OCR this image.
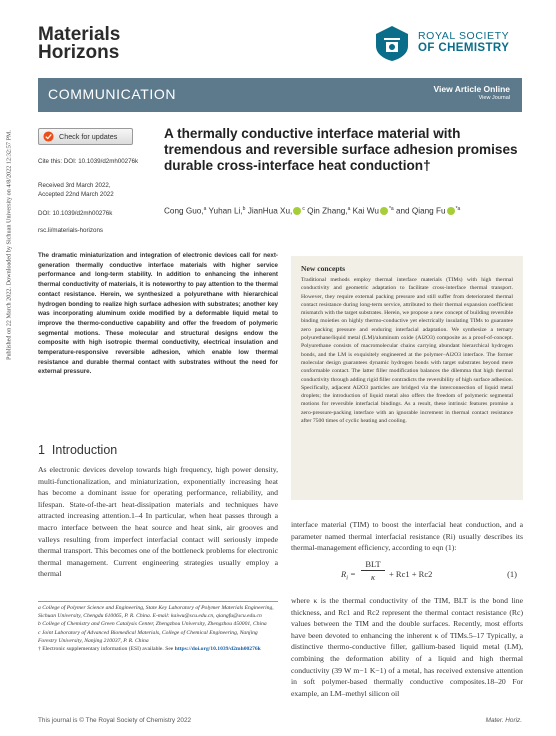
Published on 22 March 2022. Downloaded by Sichuan University on 4/8/2022 12:32:57 PM.
Materials
Horizons
ROYAL SOCIETY
OF CHEMISTRY
COMMUNICATION	View Article Online
View Journal
Check for updates
Cite this: DOI: 10.1039/d2mh00276k
Received 3rd March 2022,
Accepted 22nd March 2022
DOI: 10.1039/d2mh00276k
rsc.li/materials-horizons
A thermally conductive interface material with tremendous and reversible surface adhesion promises durable cross-interface heat conduction†
Cong Guo,$^a$ Yuhan Li,$^b$ JianHua Xu, $^c$ Qin Zhang,$^a$ Kai Wu $^{*a}$ and Qiang Fu $^{*a}$
The dramatic miniaturization and integration of electronic devices call for next-generation thermally conductive interface materials with higher service performance and long-term stability. In addition to enhancing the inherent thermal conductivity of materials, it is noteworthy to pay attention to the thermal contact resistance. Herein, we synthesized a polyurethane with hierarchical hydrogen bonding to realize high surface adhesion with substrates; another key was incorporating aluminum oxide modified by a deformable liquid metal to improve the thermo-conductive capability and offer the freedom of polymeric segmental motions. These molecular and structural designs endow the composite with high isotropic thermal conductivity, electrical insulation and temperature-responsive reversible adhesion, which enable low thermal resistance and durable thermal contact with substrates without the need for external pressure.
New concepts
Traditional methods employ thermal interface materials (TIMs) with high thermal conductivity and geometric adaptation to facilitate cross-interface thermal transport. However, they require external packing pressure and still suffer from deteriorated thermal contact resistance during long-term service, attributed to their thermal expansion coefficient mismatch with the target substrates. Herein, we propose a new concept of building reversible binding moieties on highly thermo-conductive yet electrically insulating TIMs to guarantee zero packing pressure and enduring interfacial adaptation. We synthesize a ternary polyurethane/liquid metal (LM)/aluminum oxide (Al2O3) composite as a proof-of-concept. Polyurethane consists of macromolecular chains carrying abundant hierarchical hydrogen bonds, and the LM is exquisitely engineered at the polymer–Al2O3 interface. The former molecular design guarantees dynamic hydrogen bonds with target substrates beyond mere conformable contact. The latter filler modification balances the dilemma that high thermal conductivity through adding rigid filler contradicts the reversibility of high surface adhesion. Specifically, adjacent Al2O3 particles are bridged via the interconnection of liquid metal droplets; the introduction of liquid metal also offers the freedom of polymeric segmental motions for reversible interfacial bindings. As a result, these intrinsic features promise a zero-pressure-packing interface with an ignorable increment in thermal contact resistance after 7500 times of cyclic heating and cooling.
1 Introduction
As electronic devices develop towards high frequency, high power density, multi-functionalization, and miniaturization, exponentially increasing heat has become a dominant issue for operating performance, reliability, and lifespan. State-of-the-art heat-dissipation materials and techniques have attracted increasing attention.1–4 In particular, when heat passes through a macro interface between the heat source and heat sink, air grooves and valleys resulting from imperfect interfacial contact will seriously impede thermal transport. This becomes one of the bottleneck problems for electronic thermal management. Current engineering strategies usually employ a thermal
interface material (TIM) to boost the interfacial heat conduction, and a parameter named thermal interfacial resistance (Ri) usually describes its thermal-management efficiency, according to eqn (1):
$R_i$ =
BLT
κ	+ Rc1 + Rc2	(1)
where κ is the thermal conductivity of the TIM, BLT is the bond line thickness, and Rc1 and Rc2 represent the thermal contact resistance (Rc) values between the TIM and the double surfaces. Recently, most efforts have been devoted to enhancing the inherent κ of TIMs.5–17 Typically, a distinctive thermo-conductive filler, gallium-based liquid metal (LM), combining the deformation ability of a liquid and high thermal conductivity (39 W m−1 K−1) of a metal, has received extensive attention in soft polymer-based thermally conductive composites.18–20 For example, an LM–methyl silicon oil
a College of Polymer Science and Engineering, State Key Laboratory of Polymer Materials Engineering, Sichuan University, Chengdu 610065, P. R. China. E-mail: kaiwu@scu.edu.cn, qiangfu@scu.edu.cn
b College of Chemistry and Green Catalysis Center, Zhengzhou University, Zhengzhou 450001, China
c Joint Laboratory of Advanced Biomedical Materials, College of Chemical Engineering, Nanjing Forestry University, Nanjing 210037, P. R. China
† Electronic supplementary information (ESI) available. See https://doi.org/10.1039/d2mh00276k
This journal is © The Royal Society of Chemistry 2022	Mater. Horiz.
